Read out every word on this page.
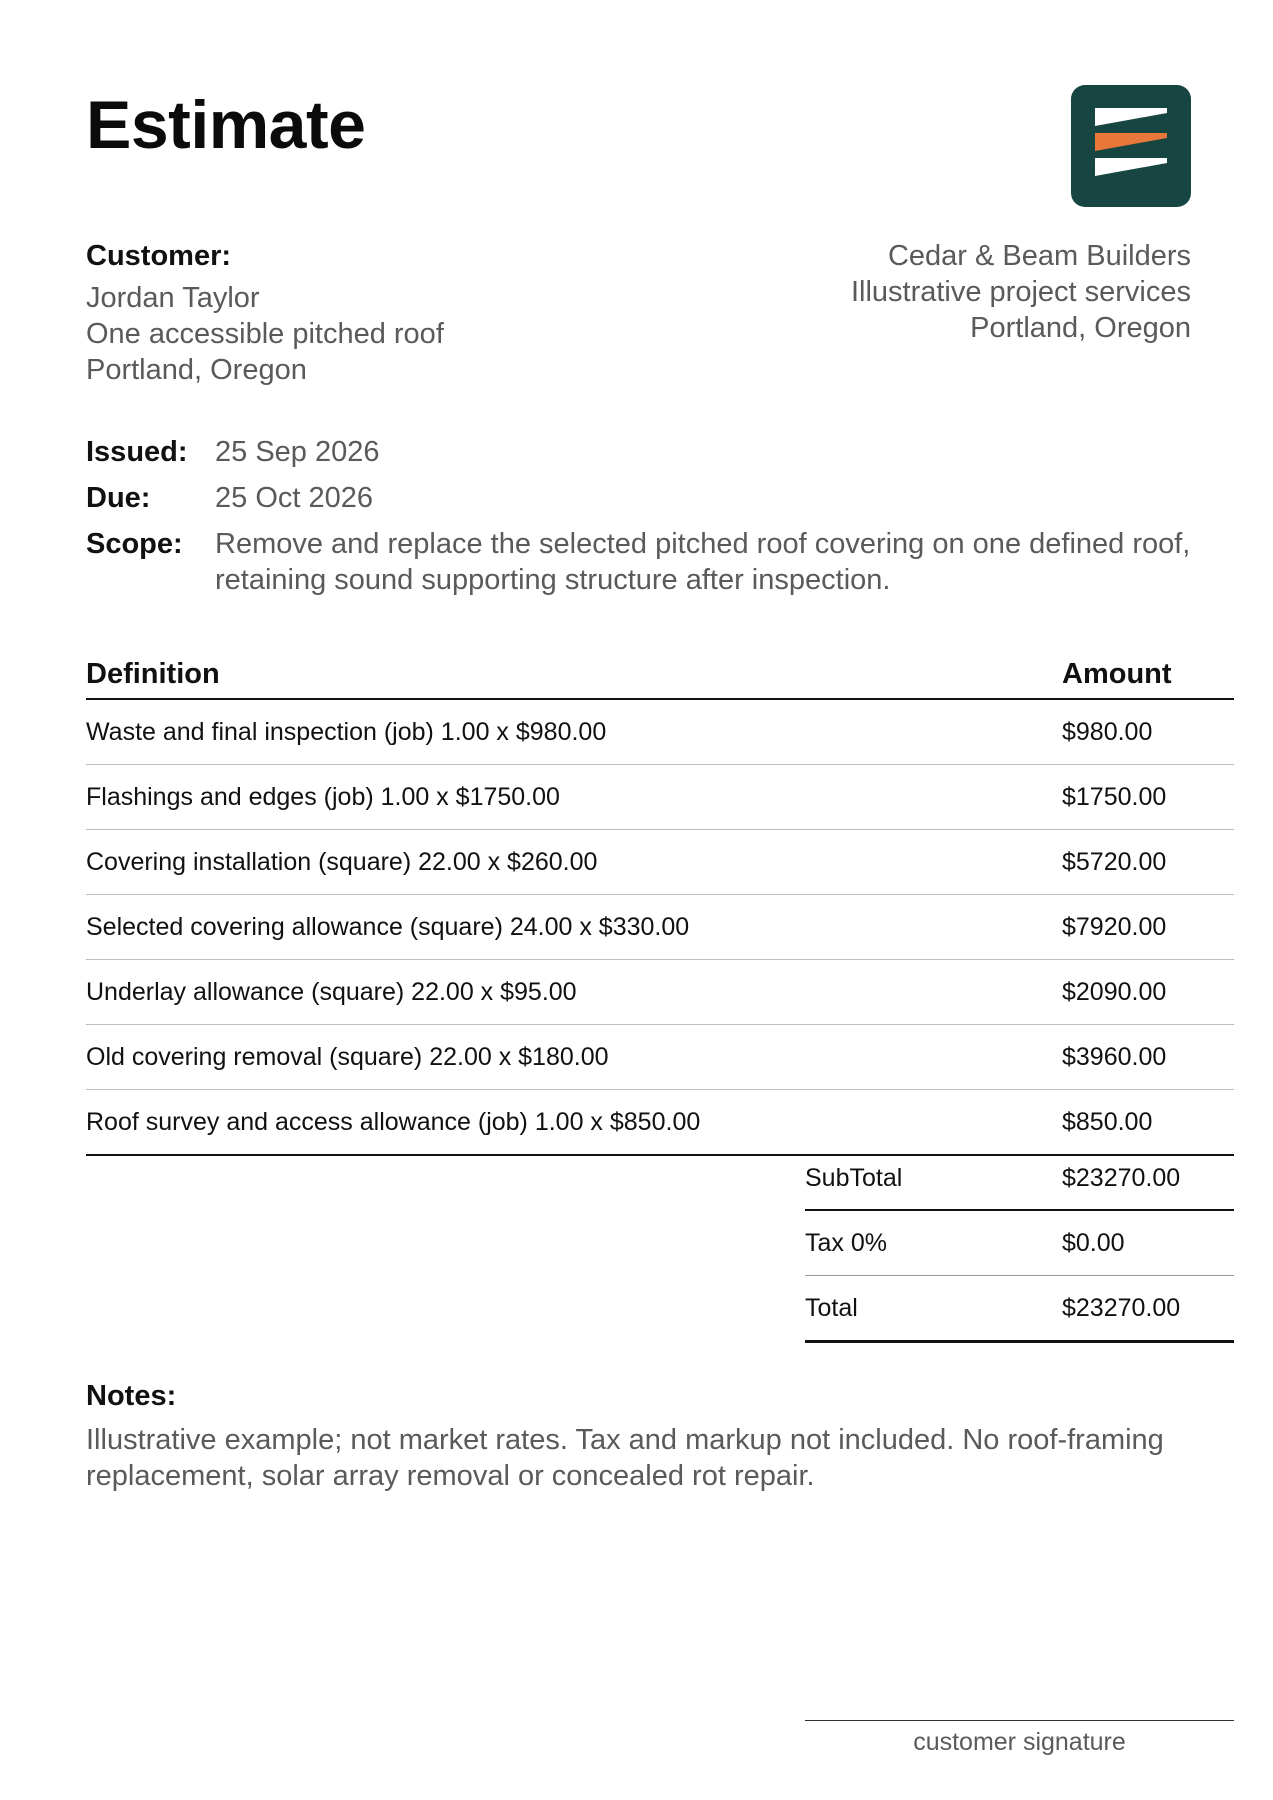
Estimate
Customer:
Jordan Taylor
One accessible pitched roof
Portland, Oregon
Cedar & Beam Builders
Illustrative project services
Portland, Oregon
Issued: 25 Sep 2026
Due:	25 Oct 2026
Scope:	Remove and replace the selected pitched roof covering on one defined roof, retaining sound supporting structure after inspection.
Definition	Amount
Waste and final inspection (job) 1.00 x $980.00	$980.00
Flashings and edges (job) 1.00 x $1750.00	$1750.00
Covering installation (square) 22.00 x $260.00	$5720.00
Selected covering allowance (square) 24.00 x $330.00	$7920.00
Underlay allowance (square) 22.00 x $95.00	$2090.00
Old covering removal (square) 22.00 x $180.00	$3960.00
Roof survey and access allowance (job) 1.00 x $850.00	$850.00
SubTotal	$23270.00
Tax 0%	$0.00
Total	$23270.00
Notes:
Illustrative example; not market rates. Tax and markup not included. No roof-framing replacement, solar array removal or concealed rot repair.
customer signature
